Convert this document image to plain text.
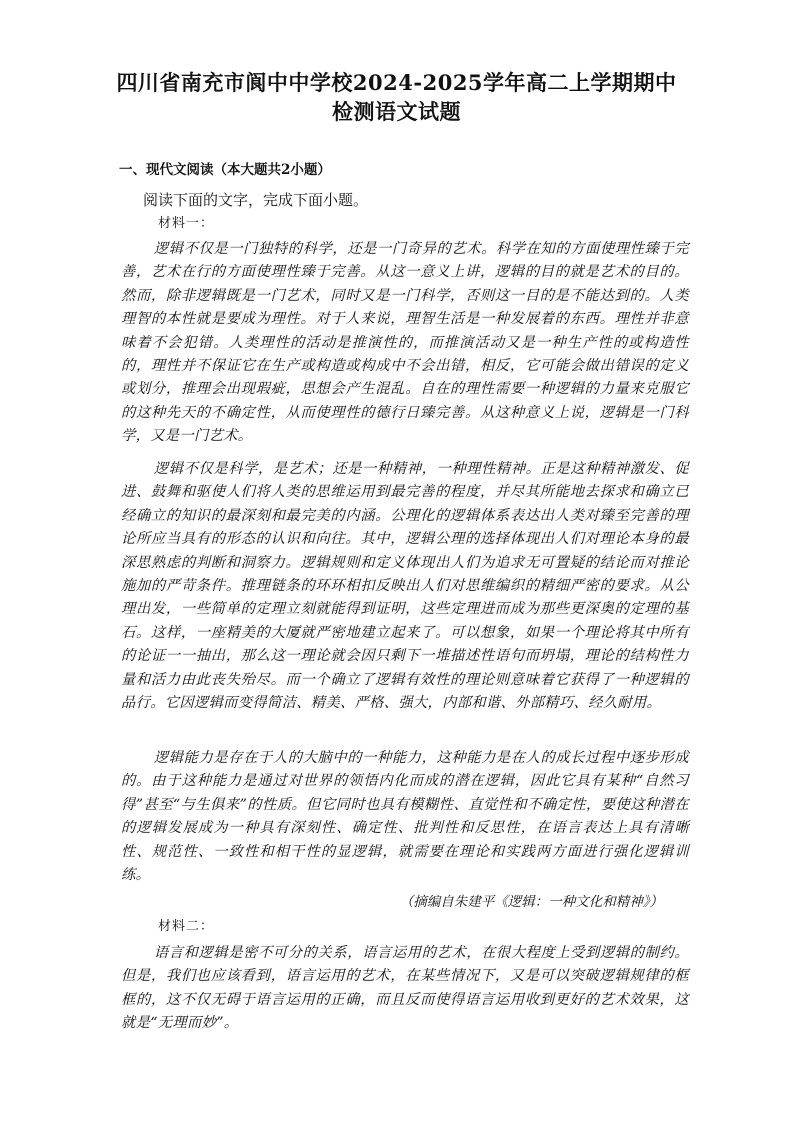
四川省南充市阆中中学校2024-2025学年高二上学期期中
检测语文试题
一、现代文阅读（本大题共2小题）
阅读下面的文字，完成下面小题。
材料一：

逻辑不仅是一门独特的科学，还是一门奇异的艺术。科学在知的方面使理性臻于完善，艺术在行的方面使理性臻于完善。从这一意义上讲，逻辑的目的就是艺术的目的。然而，除非逻辑既是一门艺术，同时又是一门科学，否则这一目的是不能达到的。人类理智的本性就是要成为理性。对于人来说，理智生活是一种发展着的东西。理性并非意味着不会犯错。人类理性的活动是推演性的，而推演活动又是一种生产性的或构造性的，理性并不保证它在生产或构造或构成中不会出错，相反，它可能会做出错误的定义或划分，推理会出现瑕疵，思想会产生混乱。自在的理性需要一种逻辑的力量来克服它的这种先天的不确定性，从而使理性的德行日臻完善。从这种意义上说，逻辑是一门科学，又是一门艺术。

逻辑不仅是科学，是艺术；还是一种精神，一种理性精神。正是这种精神激发、促进、鼓舞和驱使人们将人类的思维运用到最完善的程度，并尽其所能地去探求和确立已经确立的知识的最深刻和最完美的内涵。公理化的逻辑体系表达出人类对臻至完善的理论所应当具有的形态的认识和向往。其中，逻辑公理的选择体现出人们对理论本身的最深思熟虑的判断和洞察力。逻辑规则和定义体现出人们为追求无可置疑的结论而对推论施加的严苛条件。推理链条的环环相扣反映出人们对思维编织的精细严密的要求。从公理出发，一些简单的定理立刻就能得到证明，这些定理进而成为那些更深奥的定理的基石。这样，一座精美的大厦就严密地建立起来了。可以想象，如果一个理论将其中所有的论证一一抽出，那么这一理论就会因只剩下一堆描述性语句而坍塌，理论的结构性力量和活力由此丧失殆尽。而一个确立了逻辑有效性的理论则意味着它获得了一种逻辑的品行。它因逻辑而变得简洁、精美、严格、强大，内部和谐、外部精巧、经久耐用。

逻辑能力是存在于人的大脑中的一种能力，这种能力是在人的成长过程中逐步形成的。由于这种能力是通过对世界的领悟内化而成的潜在逻辑，因此它具有某种“自然习得”甚至“与生俱来”的性质。但它同时也具有模糊性、直觉性和不确定性，要使这种潜在的逻辑发展成为一种具有深刻性、确定性、批判性和反思性，在语言表达上具有清晰性、规范性、一致性和相干性的显逻辑，就需要在理论和实践两方面进行强化逻辑训练。

（摘编自朱建平《逻辑：一种文化和精神》）
材料二：

语言和逻辑是密不可分的关系，语言运用的艺术，在很大程度上受到逻辑的制约。但是，我们也应该看到，语言运用的艺术，在某些情况下，又是可以突破逻辑规律的框框的，这不仅无碍于语言运用的正确，而且反而使得语言运用收到更好的艺术效果，这就是“无理而妙”。
